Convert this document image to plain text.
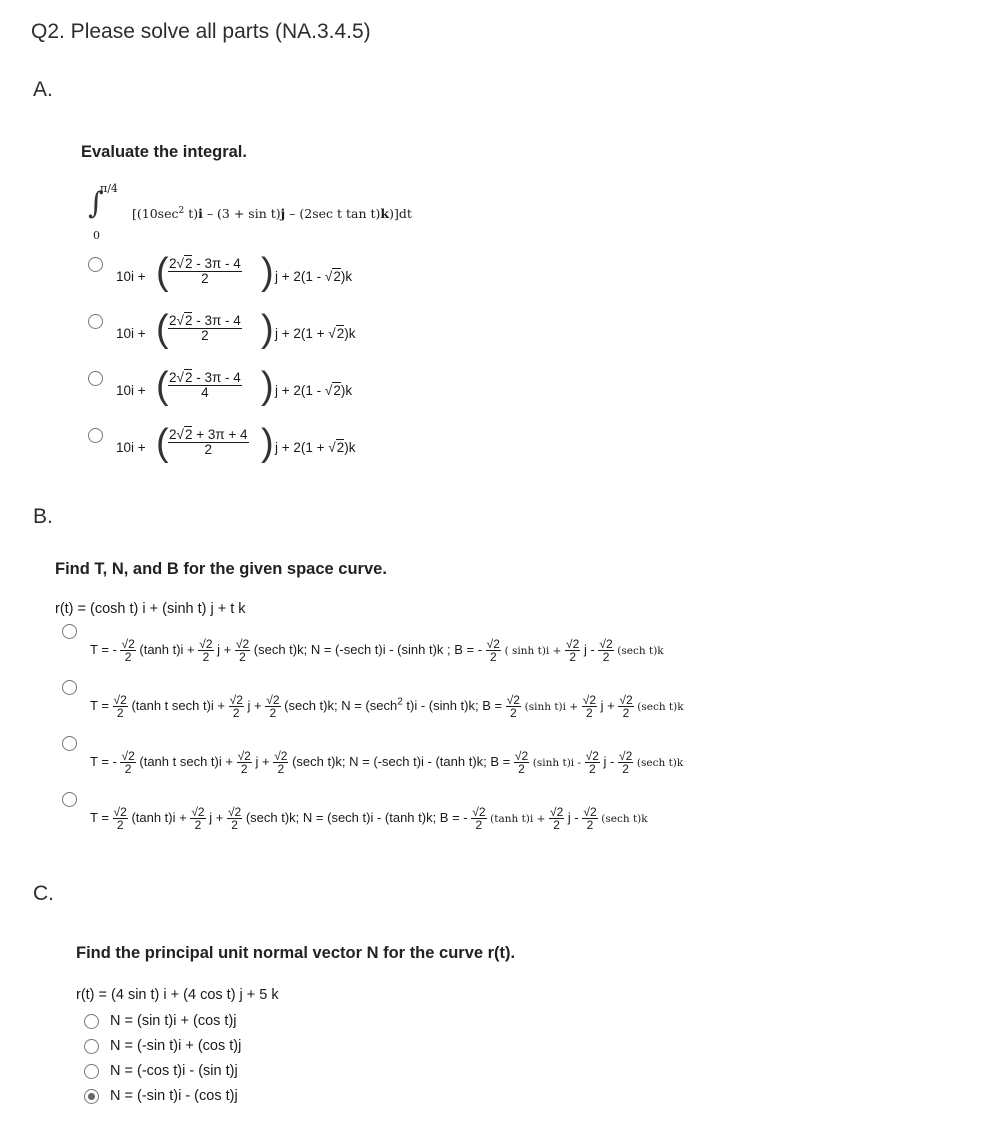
Q2. Please solve all parts (NA.3.4.5)
A.
Evaluate the integral.
∫
π/4
0
[($10\sec^2$ t)i – (3 + sin t)j – (2sec t tan t)k)]dt
10i + ( $\frac{2√2 - 3\pi - 4}{2}$ ) j + 2(1 - √2)k
10i + ( $\frac{2√2 - 3\pi - 4}{2}$ ) j + 2(1 + √2)k
10i + ( $\frac{2√2 - 3\pi - 4}{4}$ ) j + 2(1 - √2)k
10i + ( $\frac{2√2 + 3\pi + 4}{2}$ ) j + 2(1 + √2)k
B.
Find T, N, and B for the given space curve.
r(t) = (cosh t) i + (sinh t) j + t k
T = - $\frac{√2}{2} (\tanh$ $t)i + \frac{√2}{2}$ $j + \frac{√2}{2} (\sec h$ t)k; N = (-sech t)i - (sinh t)k ; B = - $\frac{√2}{2}$ ( $\sinh t)i + \frac{√2}{2}$ j - $\frac{√2}{2} (\sec h$ t)k
$T = \frac{√2}{2} (\tanh$ t sech $t)i + \frac{√2}{2}$ $j + \frac{√2}{2} (\sec h$ t)k; N = (sech$^2$ t)i - (sinh t)k; $B = \frac{√2}{2} (\sinh$ $t)i + \frac{√2}{2}$ $j + \frac{√2}{2} (\sec h$ t)k
T = - $\frac{√2}{2} (\tanh$ t sech $t)i + \frac{√2}{2}$ $j + \frac{√2}{2} (\sec h$ t)k; N = (-sech t)i - (tanh t)k; $B = \frac{√2}{2} (\sinh$ $t)i - \frac{√2}{2}$ j - $\frac{√2}{2} (\sec h$ t)k
$T = \frac{√2}{2} (\tanh$ $t)i + \frac{√2}{2}$ $j + \frac{√2}{2} (\sec h$ t)k; N = (sech t)i - (tanh t)k; B = - $\frac{√2}{2} (\tanh$ $t)i + \frac{√2}{2}$ j - $\frac{√2}{2} (\sec h$ t)k
C.
Find the principal unit normal vector N for the curve r(t).
r(t) = (4 sin t) i + (4 cos t) j + 5 k
N = (sin t)i + (cos t)j
N = (-sin t)i + (cos t)j
N = (-cos t)i - (sin t)j
N = (-sin t)i - (cos t)j
